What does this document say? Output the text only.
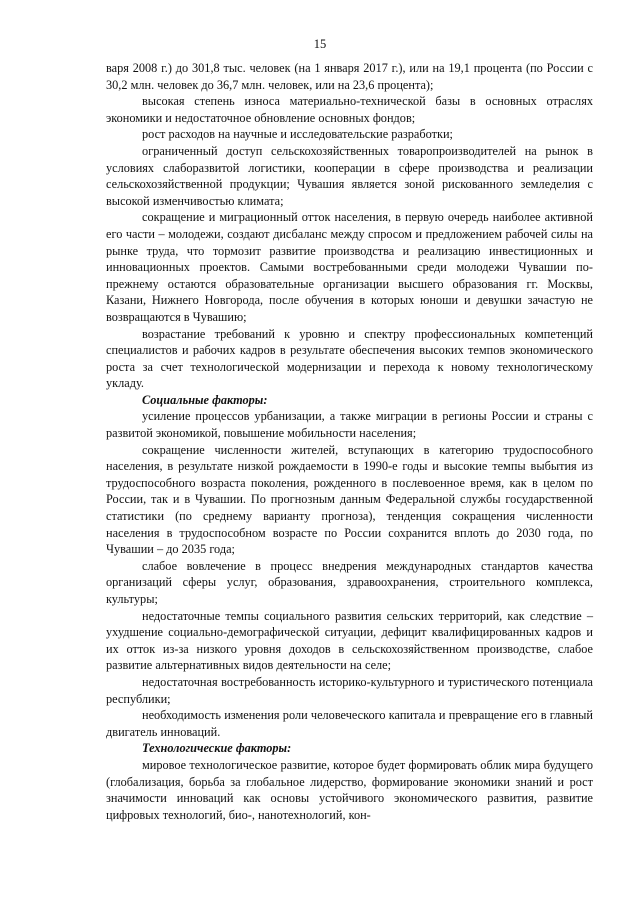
15

варя 2008 г.) до 301,8 тыс. человек (на 1 января 2017 г.), или на 19,1 процента (по России с 30,2 млн. человек до 36,7 млн. человек, или на 23,6 процента);

высокая степень износа материально-технической базы в основных отраслях экономики и недостаточное обновление основных фондов;

рост расходов на научные и исследовательские разработки;

ограниченный доступ сельскохозяйственных товаропроизводителей на рынок в условиях слаборазвитой логистики, кооперации в сфере производства и реализации сельскохозяйственной продукции; Чувашия является зоной рискованного земледелия с высокой изменчивостью климата;

сокращение и миграционный отток населения, в первую очередь наиболее активной его части – молодежи, создают дисбаланс между спросом и предложением рабочей силы на рынке труда, что тормозит развитие производства и реализацию инвестиционных и инновационных проектов. Самыми востребованными среди молодежи Чувашии по-прежнему остаются образовательные организации высшего образования гг. Москвы, Казани, Нижнего Новгорода, после обучения в которых юноши и девушки зачастую не возвращаются в Чувашию;

возрастание требований к уровню и спектру профессиональных компетенций специалистов и рабочих кадров в результате обеспечения высоких темпов экономического роста за счет технологической модернизации и перехода к новому технологическому укладу.

Социальные факторы:

усиление процессов урбанизации, а также миграции в регионы России и страны с развитой экономикой, повышение мобильности населения;

сокращение численности жителей, вступающих в категорию трудоспособного населения, в результате низкой рождаемости в 1990-е годы и высокие темпы выбытия из трудоспособного возраста поколения, рожденного в послевоенное время, как в целом по России, так и в Чувашии. По прогнозным данным Федеральной службы государственной статистики (по среднему варианту прогноза), тенденция сокращения численности населения в трудоспособном возрасте по России сохранится вплоть до 2030 года, по Чувашии – до 2035 года;

слабое вовлечение в процесс внедрения международных стандартов качества организаций сферы услуг, образования, здравоохранения, строительного комплекса, культуры;

недостаточные темпы социального развития сельских территорий, как следствие – ухудшение социально-демографической ситуации, дефицит квалифицированных кадров и их отток из-за низкого уровня доходов в сельскохозяйственном производстве, слабое развитие альтернативных видов деятельности на селе;

недостаточная востребованность историко-культурного и туристического потенциала республики;

необходимость изменения роли человеческого капитала и превращение его в главный двигатель инноваций.

Технологические факторы:

мировое технологическое развитие, которое будет формировать облик мира будущего (глобализация, борьба за глобальное лидерство, формирование экономики знаний и рост значимости инноваций как основы устойчивого экономического развития, развитие цифровых технологий, био-, нанотехнологий, кон-
